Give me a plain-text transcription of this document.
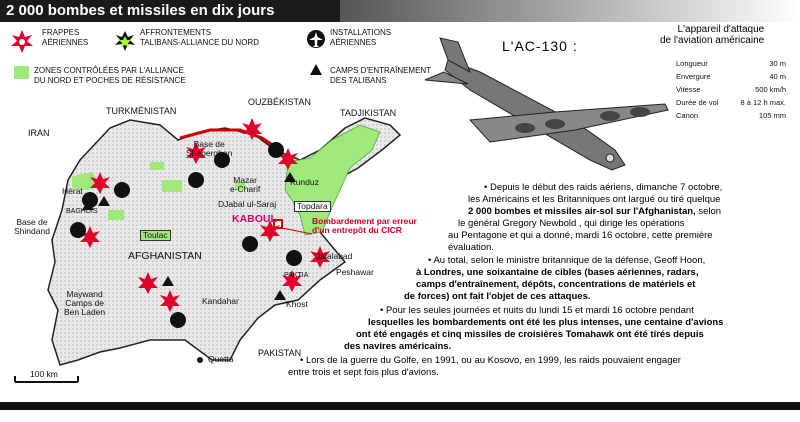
2 000 bombes et missiles en dix jours
FRAPPES
AÉRIENNES
AFFRONTEMENTS
TALIBANS-ALLIANCE DU NORD
INSTALLATIONS
AÉRIENNES
ZONES CONTRÔLÉES PAR L'ALLIANCE
DU NORD ET POCHES DE RÉSISTANCE
CAMPS D'ENTRAÎNEMENT
DES TALIBANS
TURKMÉNISTAN
OUZBÉKISTAN
TADJIKISTAN
IRAN
PAKISTAN
AFGHANISTAN
Base de
Sheberghan
Mazar
e-Charif
Kunduz
DJabal ul-Saraj	Topdara
KABOUL	Bombardement par erreur
d'un entrepôt du CICR
Hérat
BAGHDIS
Base de
Shindand	Toulac
Jalalabad
Peshawar
PAKTIA
Khost
Maywand
Camps de
Ben Laden
Kandahar
Quetta
100 km
L'AC-130 :
L'appareil d'attaque
de l'aviation américaine
Longueur	30 m
Envergure	40 m
Vitesse	500 km/h
Durée de vol	8 à 12 h max.
Canon	105 mm
• Depuis le début des raids aériens, dimanche 7 octobre,
les Américains et les Britanniques ont largué ou tiré quelque
2 000 bombes et missiles air-sol sur l'Afghanistan, selon
le général Gregory Newbold , qui dirige les opérations
au Pentagone et qui a donné, mardi 16 octobre, cette première
évaluation.
• Au total, selon le ministre britannique de la défense, Geoff Hoon,
à Londres, une soixantaine de cibles (bases aériennes, radars,
camps d'entraînement, dépôts, concentrations de matériels et
de forces) ont fait l'objet de ces attaques.
• Pour les seules journées et nuits du lundi 15 et mardi 16 octobre pendant
lesquelles les bombardements ont été les plus intenses, une centaine d'avions
ont été engagés et cinq missiles de croisières Tomahawk ont été tirés depuis
des navires américains.
• Lors de la guerre du Golfe, en 1991, ou au Kosovo, en 1999, les raids pouvaient engager
entre trois et sept fois plus d'avions.
